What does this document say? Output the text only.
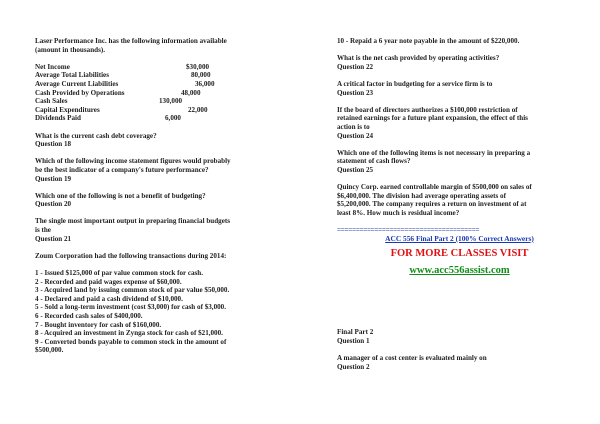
Laser Performance Inc. has the following information available

(amount in thousands).

Net Income	$30,000
Average Total Liabilities	80,000
Average Current Liabilities	36,000
Cash Provided by Operations	48,000
Cash Sales	130,000
Capital Expenditures	22,000
Dividends Paid	6,000

What is the current cash debt coverage?

Question 18

Which of the following income statement figures would probably

be the best indicator of a company's future performance?

Question 19

Which one of the following is not a benefit of budgeting?

Question 20

The single most important output in preparing financial budgets

is the

Question 21

Zoum Corporation had the following transactions during 2014:

1 - Issued $125,000 of par value common stock for cash.

2 - Recorded and paid wages expense of $60,000.

3 - Acquired land by issuing common stock of par value $50,000.

4 - Declared and paid a cash dividend of $10,000.

5 - Sold a long-term investment (cost $3,000) for cash of $3,000.

6 - Recorded cash sales of $400,000.

7 - Bought inventory for cash of $160,000.

8 - Acquired an investment in Zynga stock for cash of $21,000.

9 - Converted bonds payable to common stock in the amount of

$500,000.

10 - Repaid a 6 year note payable in the amount of $220,000.

What is the net cash provided by operating activities?

Question 22

A critical factor in budgeting for a service firm is to

Question 23

If the board of directors authorizes a $100,000 restriction of

retained earnings for a future plant expansion, the effect of this

action is to

Question 24

Which one of the following items is not necessary in preparing a

statement of cash flows?

Question 25

Quincy Corp. earned controllable margin of $500,000 on sales of

$6,400,000. The division had average operating assets of

$5,200,000. The company requires a return on investment of at

least 8%. How much is residual income?

======================================

ACC 556 Final Part 2 (100% Correct Answers)

FOR MORE CLASSES VISIT

www.acc556assist.com

Final Part 2

Question 1

A manager of a cost center is evaluated mainly on

Question 2
